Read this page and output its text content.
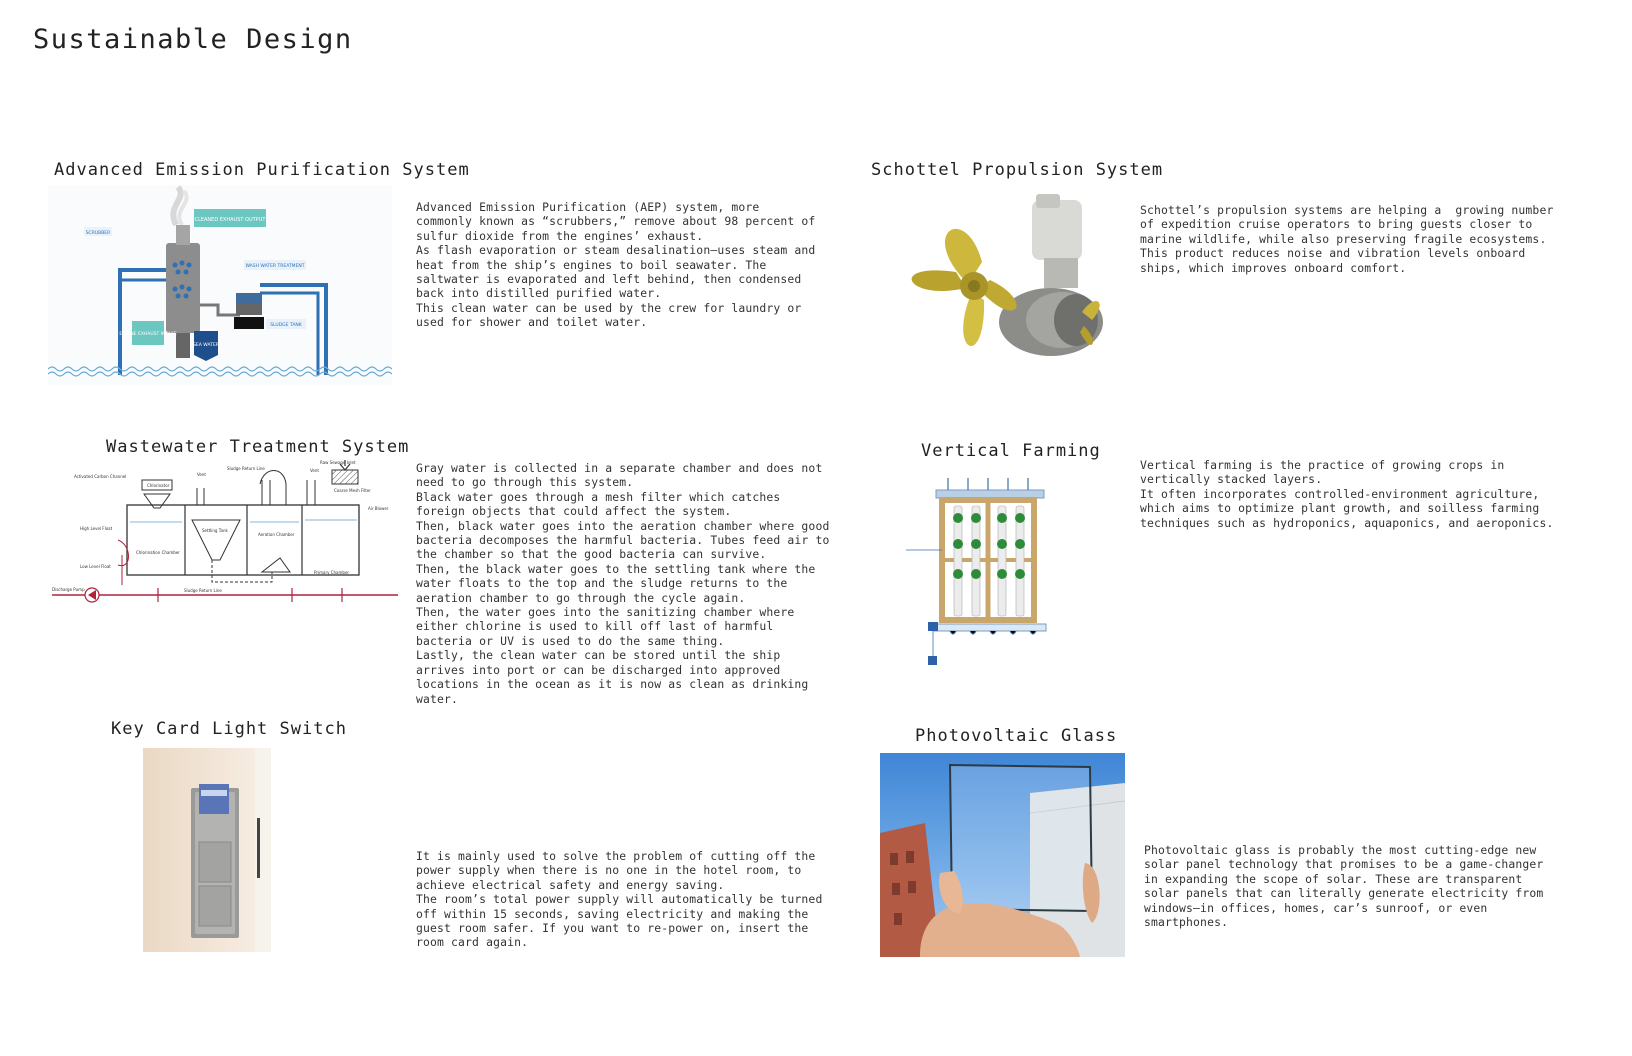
Sustainable Design
Advanced Emission Purification System
CLEANED EXHAUST OUTPUT
SCRUBBER
WASH WATER TREATMENT
SLUDGE TANK
ENGINE EXHAUST INTAKE
SEA WATER
Advanced Emission Purification (AEP) system, more commonly known as “scrubbers,” remove about 98 percent of sulfur dioxide from the engines’ exhaust.
As flash evaporation or steam desalination—uses steam and heat from the ship’s engines to boil seawater. The saltwater is evaporated and left behind, then condensed back into distilled purified water.
This clean water can be used by the crew for laundry or used for shower and toilet water.
Schottel Propulsion System
Schottel’s propulsion systems are helping a  growing number of expedition cruise operators to bring guests closer to marine wildlife, while also preserving fragile ecosystems.
This product reduces noise and vibration levels onboard ships, which improves onboard comfort.
Wastewater Treatment System
Activated Carbon Channel
Chlorinator
Sludge Return Line
Vent
Vent
Raw Sewage Inlet
Coarse Mesh Filter
Air Blower
High Level Float	Settling Tank
Aeration Chamber
Chlorination Chamber
Low Level Float
Primary Chamber
Discharge Pump	Sludge Return Line
Gray water is collected in a separate chamber and does not need to go through this system.
Black water goes through a mesh filter which catches foreign objects that could affect the system.
Then, black water goes into the aeration chamber where good bacteria decomposes the harmful bacteria. Tubes feed air to the chamber so that the good bacteria can survive.
Then, the black water goes to the settling tank where the water floats to the top and the sludge returns to the aeration chamber to go through the cycle again.
Then, the water goes into the sanitizing chamber where either chlorine is used to kill off last of harmful bacteria or UV is used to do the same thing.
Lastly, the clean water can be stored until the ship arrives into port or can be discharged into approved locations in the ocean as it is now as clean as drinking water.
Vertical Farming
Vertical farming is the practice of growing crops in vertically stacked layers.
It often incorporates controlled-environment agriculture, which aims to optimize plant growth, and soilless farming techniques such as hydroponics, aquaponics, and aeroponics.
Key Card Light Switch
It is mainly used to solve the problem of cutting off the power supply when there is no one in the hotel room, to achieve electrical safety and energy saving.
The room’s total power supply will automatically be turned off within 15 seconds, saving electricity and making the guest room safer. If you want to re-power on, insert the room card again.
Photovoltaic Glass
Photovoltaic glass is probably the most cutting-edge new solar panel technology that promises to be a game-changer in expanding the scope of solar. These are transparent solar panels that can literally generate electricity from windows—in offices, homes, car’s sunroof, or even smartphones.
